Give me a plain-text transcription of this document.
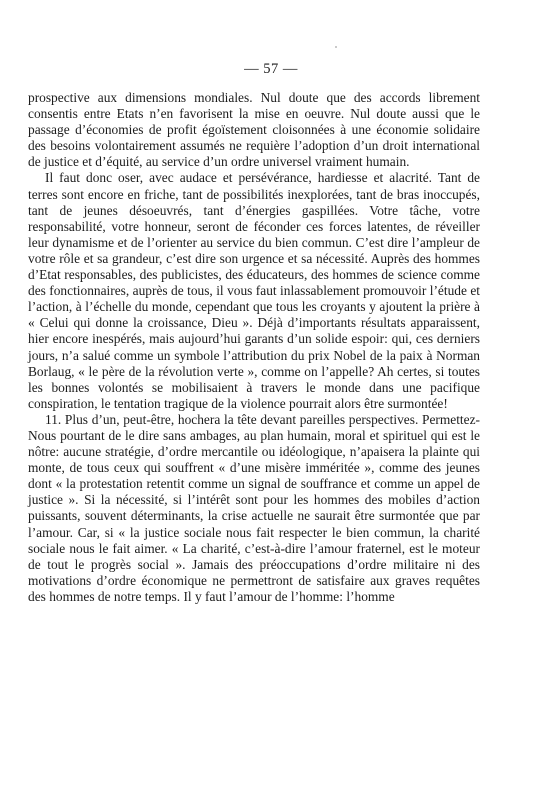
— 57 —

prospective aux dimensions mondiales. Nul doute que des accords librement consentis entre Etats n’en favorisent la mise en oeuvre. Nul doute aussi que le passage d’économies de profit égoïstement cloisonnées à une économie solidaire des besoins volontairement assumés ne requière l’adoption d’un droit international de justice et d’équité, au service d’un ordre universel vraiment humain.

Il faut donc oser, avec audace et persévérance, hardiesse et alacrité. Tant de terres sont encore en friche, tant de possibilités inexplorées, tant de bras inoccupés, tant de jeunes désoeuvrés, tant d’énergies gaspillées. Votre tâche, votre responsabilité, votre honneur, seront de féconder ces forces latentes, de réveiller leur dynamisme et de l’orienter au service du bien commun. C’est dire l’ampleur de votre rôle et sa grandeur, c’est dire son urgence et sa nécessité. Auprès des hommes d’Etat responsables, des publicistes, des éducateurs, des hommes de science comme des fonctionnaires, auprès de tous, il vous faut inlassablement promouvoir l’étude et l’action, à l’échelle du monde, cependant que tous les croyants y ajoutent la prière à « Celui qui donne la croissance, Dieu ». Déjà d’importants résultats apparaissent, hier encore inespérés, mais aujourd’hui garants d’un solide espoir: qui, ces derniers jours, n’a salué comme un symbole l’attribution du prix Nobel de la paix à Norman Borlaug, « le père de la révolution verte », comme on l’appelle? Ah certes, si toutes les bonnes volontés se mobilisaient à travers le monde dans une pacifique conspiration, le tentation tragique de la violence pourrait alors être surmontée!

11. Plus d’un, peut-être, hochera la tête devant pareilles perspectives. Permettez-Nous pourtant de le dire sans ambages, au plan humain, moral et spirituel qui est le nôtre: aucune stratégie, d’ordre mercantile ou idéologique, n’apaisera la plainte qui monte, de tous ceux qui souffrent « d’une misère imméritée », comme des jeunes dont « la protestation retentit comme un signal de souffrance et comme un appel de justice ». Si la nécessité, si l’intérêt sont pour les hommes des mobiles d’action puissants, souvent déterminants, la crise actuelle ne saurait être surmontée que par l’amour. Car, si « la justice sociale nous fait respecter le bien commun, la charité sociale nous le fait aimer. « La charité, c’est-à-dire l’amour fraternel, est le moteur de tout le progrès social ». Jamais des préoccupations d’ordre militaire ni des motivations d’ordre économique ne permettront de satisfaire aux graves requêtes des hommes de notre temps. Il y faut l’amour de l’homme: l’homme
